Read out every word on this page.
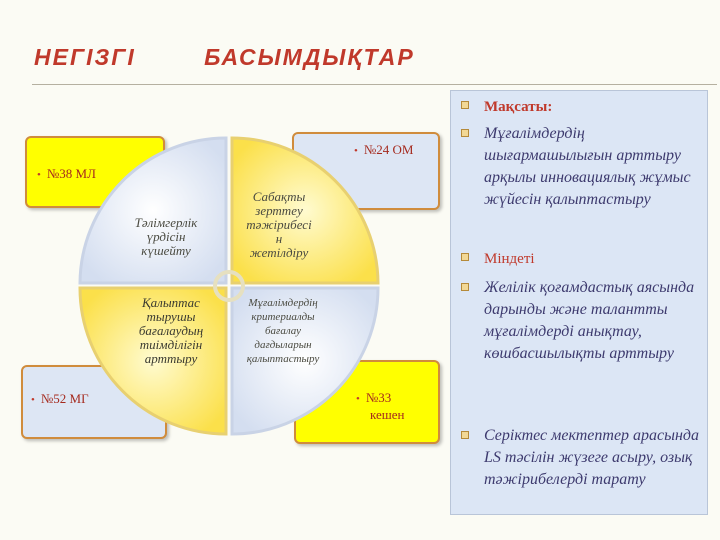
НЕГІЗГІ	БАСЫМДЫҚТАР
• №38 МЛ
• №24 ОМ
• №52 МГ	• №33
кешен
Тәлімгерлік
үрдісін
күшейту
Сабақты
зерттеу
тәжірибесі
н
жетілдіру
Қалыптас
тырушы
бағалаудың
тиімділігін
арттыру
Мұғалімдердің
критериалды
бағалау
дағдыларын
қалыптастыру
Мақсаты:
Мұғалімдердің шығармашылығын арттыру арқылы инновациялық жұмыс жүйесін қалыптастыру
Міндеті
Желілік қоғамдастық аясында дарынды және талантты мұғалімдерді анықтау, көшбасшылықты арттыру
Серіктес мектептер арасында LS тәсілін жүзеге асыру, озық тәжірибелерді тарату
